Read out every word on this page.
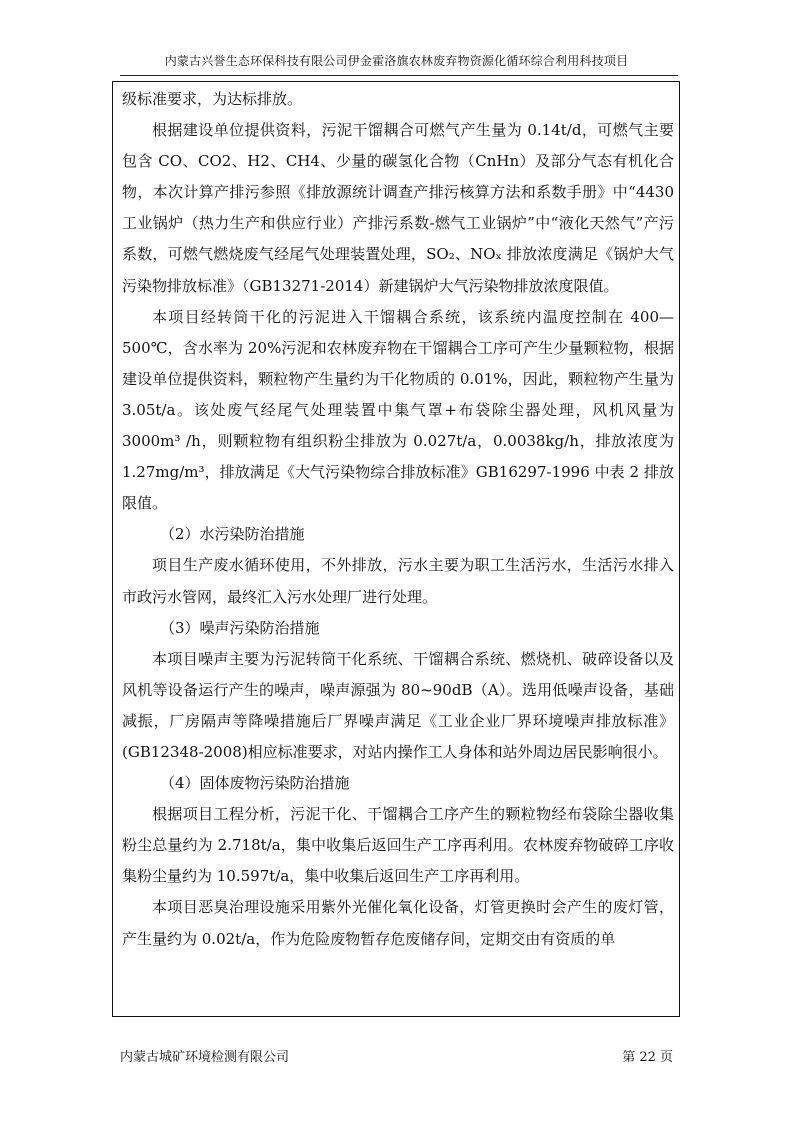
内蒙古兴誉生态环保科技有限公司伊金霍洛旗农林废弃物资源化循环综合利用科技项目

级标准要求，为达标排放。

根据建设单位提供资料，污泥干馏耦合可燃气产生量为 0.14t/d，可燃气主要包含 CO、CO2、H2、CH4、少量的碳氢化合物（CnHn）及部分气态有机化合物，本次计算产排污参照《排放源统计调查产排污核算方法和系数手册》中“4430 工业锅炉（热力生产和供应行业）产排污系数-燃气工业锅炉”中“液化天然气”产污系数，可燃气燃烧废气经尾气处理装置处理，SO₂、NOₓ 排放浓度满足《锅炉大气污染物排放标准》（GB13271-2014）新建锅炉大气污染物排放浓度限值。

本项目经转筒干化的污泥进入干馏耦合系统，该系统内温度控制在 400—500℃，含水率为 20%污泥和农林废弃物在干馏耦合工序可产生少量颗粒物，根据建设单位提供资料，颗粒物产生量约为干化物质的 0.01%，因此，颗粒物产生量为 3.05t/a。该处废气经尾气处理装置中集气罩+布袋除尘器处理，风机风量为 3000m³ /h，则颗粒物有组织粉尘排放为 0.027t/a，0.0038kg/h，排放浓度为 1.27mg/m³，排放满足《大气污染物综合排放标准》GB16297-1996 中表 2 排放限值。

（2）水污染防治措施

项目生产废水循环使用，不外排放，污水主要为职工生活污水，生活污水排入市政污水管网，最终汇入污水处理厂进行处理。

（3）噪声污染防治措施

本项目噪声主要为污泥转筒干化系统、干馏耦合系统、燃烧机、破碎设备以及风机等设备运行产生的噪声，噪声源强为 80~90dB（A）。选用低噪声设备，基础减振，厂房隔声等降噪措施后厂界噪声满足《工业企业厂界环境噪声排放标准》(GB12348-2008)相应标准要求，对站内操作工人身体和站外周边居民影响很小。

（4）固体废物污染防治措施

根据项目工程分析，污泥干化、干馏耦合工序产生的颗粒物经布袋除尘器收集粉尘总量约为 2.718t/a，集中收集后返回生产工序再利用。农林废弃物破碎工序收集粉尘量约为 10.597t/a，集中收集后返回生产工序再利用。

本项目恶臭治理设施采用紫外光催化氧化设备，灯管更换时会产生的废灯管，产生量约为 0.02t/a，作为危险废物暂存危废储存间，定期交由有资质的单

内蒙古城矿环境检测有限公司	第 22 页
